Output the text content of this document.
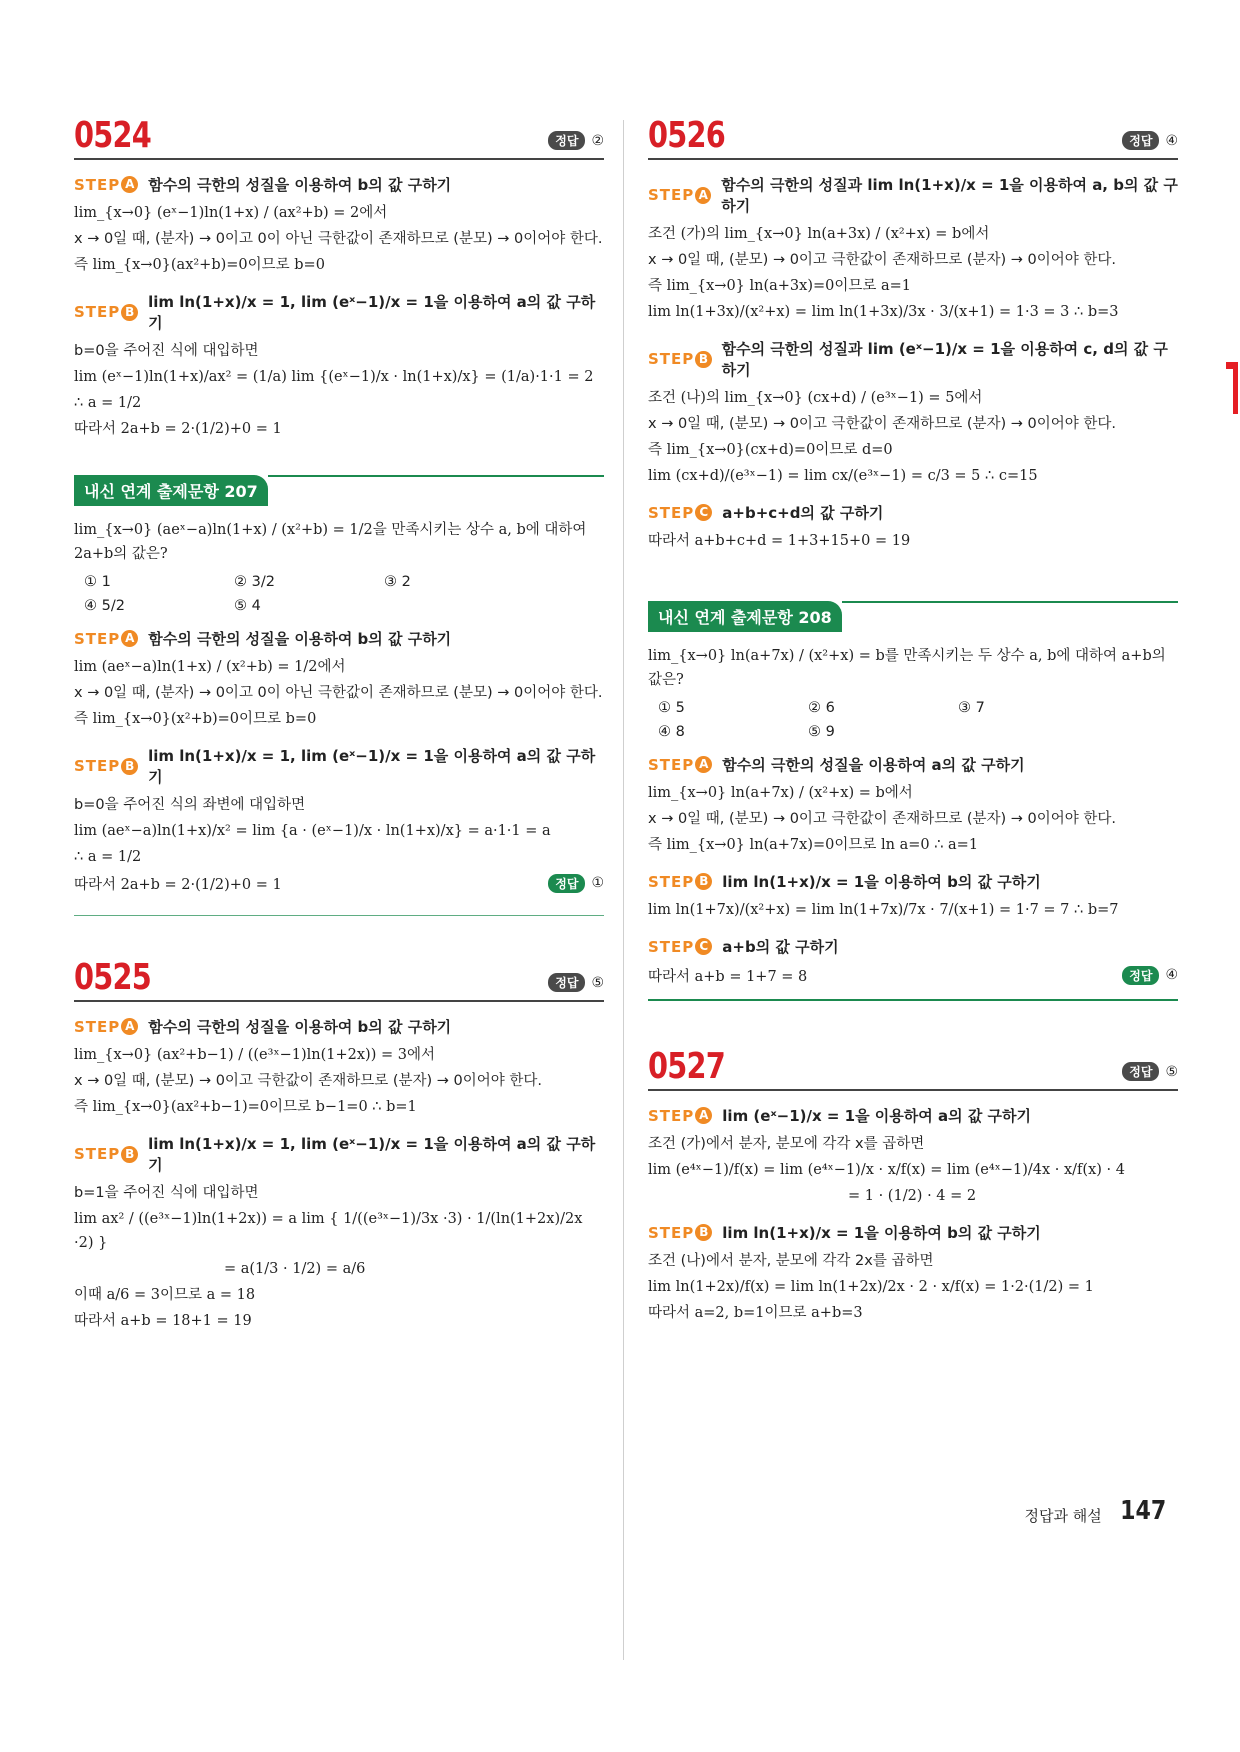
0524	정답 ②
STEP A 함수의 극한의 성질을 이용하여 b의 값 구하기
lim_{x→0} (eˣ−1)ln(1+x) / (ax²+b) = 2에서
x → 0일 때, (분자) → 0이고 0이 아닌 극한값이 존재하므로 (분모) → 0이어야 한다.
즉 lim_{x→0}(ax²+b)=0이므로 b=0
STEP B
lim ln(1+x)/x = 1, lim (eˣ−1)/x = 1을 이용하여 a의 값 구하기
b=0을 주어진 식에 대입하면
lim (eˣ−1)ln(1+x)/ax² = (1/a) lim {(eˣ−1)/x · ln(1+x)/x} = (1/a)·1·1 = 2
∴ a = 1/2
따라서 2a+b = 2·(1/2)+0 = 1
내신 연계 출제문항 207
lim_{x→0} (aeˣ−a)ln(1+x) / (x²+b) = 1/2을 만족시키는 상수 a, b에 대하여 2a+b의 값은?
① 1	② 3/2	③ 2
④ 5/2	⑤ 4
STEP A 함수의 극한의 성질을 이용하여 b의 값 구하기
lim (aeˣ−a)ln(1+x) / (x²+b) = 1/2에서
x → 0일 때, (분자) → 0이고 0이 아닌 극한값이 존재하므로 (분모) → 0이어야 한다.
즉 lim_{x→0}(x²+b)=0이므로 b=0
STEP B
lim ln(1+x)/x = 1, lim (eˣ−1)/x = 1을 이용하여 a의 값 구하기
b=0을 주어진 식의 좌변에 대입하면
lim (aeˣ−a)ln(1+x)/x² = lim {a · (eˣ−1)/x · ln(1+x)/x} = a·1·1 = a
∴ a = 1/2
따라서 2a+b = 2·(1/2)+0 = 1	정답 ①
0525	정답 ⑤
STEP A 함수의 극한의 성질을 이용하여 b의 값 구하기
lim_{x→0} (ax²+b−1) / ((e³ˣ−1)ln(1+2x)) = 3에서
x → 0일 때, (분모) → 0이고 극한값이 존재하므로 (분자) → 0이어야 한다.
즉 lim_{x→0}(ax²+b−1)=0이므로 b−1=0 ∴ b=1
STEP B
lim ln(1+x)/x = 1, lim (eˣ−1)/x = 1을 이용하여 a의 값 구하기
b=1을 주어진 식에 대입하면
lim ax² / ((e³ˣ−1)ln(1+2x)) = a lim { 1/((e³ˣ−1)/3x ·3) · 1/(ln(1+2x)/2x ·2) }
= a(1/3 · 1/2) = a/6
이때 a/6 = 3이므로 a = 18
따라서 a+b = 18+1 = 19
0526	정답 ④
STEP A
함수의 극한의 성질과 lim ln(1+x)/x = 1을 이용하여 a, b의 값 구하기
조건 (가)의 lim_{x→0} ln(a+3x) / (x²+x) = b에서
x → 0일 때, (분모) → 0이고 극한값이 존재하므로 (분자) → 0이어야 한다.
즉 lim_{x→0} ln(a+3x)=0이므로 a=1
lim ln(1+3x)/(x²+x) = lim ln(1+3x)/3x · 3/(x+1) = 1·3 = 3 ∴ b=3
STEP B
함수의 극한의 성질과 lim (eˣ−1)/x = 1을 이용하여 c, d의 값 구하기
조건 (나)의 lim_{x→0} (cx+d) / (e³ˣ−1) = 5에서
x → 0일 때, (분모) → 0이고 극한값이 존재하므로 (분자) → 0이어야 한다.
즉 lim_{x→0}(cx+d)=0이므로 d=0
lim (cx+d)/(e³ˣ−1) = lim cx/(e³ˣ−1) = c/3 = 5 ∴ c=15
STEP C a+b+c+d의 값 구하기
따라서 a+b+c+d = 1+3+15+0 = 19
내신 연계 출제문항 208
lim_{x→0} ln(a+7x) / (x²+x) = b를 만족시키는 두 상수 a, b에 대하여 a+b의 값은?
① 5	② 6	③ 7
④ 8	⑤ 9
STEP A 함수의 극한의 성질을 이용하여 a의 값 구하기
lim_{x→0} ln(a+7x) / (x²+x) = b에서
x → 0일 때, (분모) → 0이고 극한값이 존재하므로 (분자) → 0이어야 한다.
즉 lim_{x→0} ln(a+7x)=0이므로 ln a=0 ∴ a=1
STEP B lim ln(1+x)/x = 1을 이용하여 b의 값 구하기
lim ln(1+7x)/(x²+x) = lim ln(1+7x)/7x · 7/(x+1) = 1·7 = 7 ∴ b=7
STEP C a+b의 값 구하기
따라서 a+b = 1+7 = 8	정답 ④
0527	정답 ⑤
STEP A lim (eˣ−1)/x = 1을 이용하여 a의 값 구하기
조건 (가)에서 분자, 분모에 각각 x를 곱하면
lim (e⁴ˣ−1)/f(x) = lim (e⁴ˣ−1)/x · x/f(x) = lim (e⁴ˣ−1)/4x · x/f(x) · 4
= 1 · (1/2) · 4 = 2
STEP B lim ln(1+x)/x = 1을 이용하여 b의 값 구하기
조건 (나)에서 분자, 분모에 각각 2x를 곱하면
lim ln(1+2x)/f(x) = lim ln(1+2x)/2x · 2 · x/f(x) = 1·2·(1/2) = 1
따라서 a=2, b=1이므로 a+b=3
정답과 해설 147
